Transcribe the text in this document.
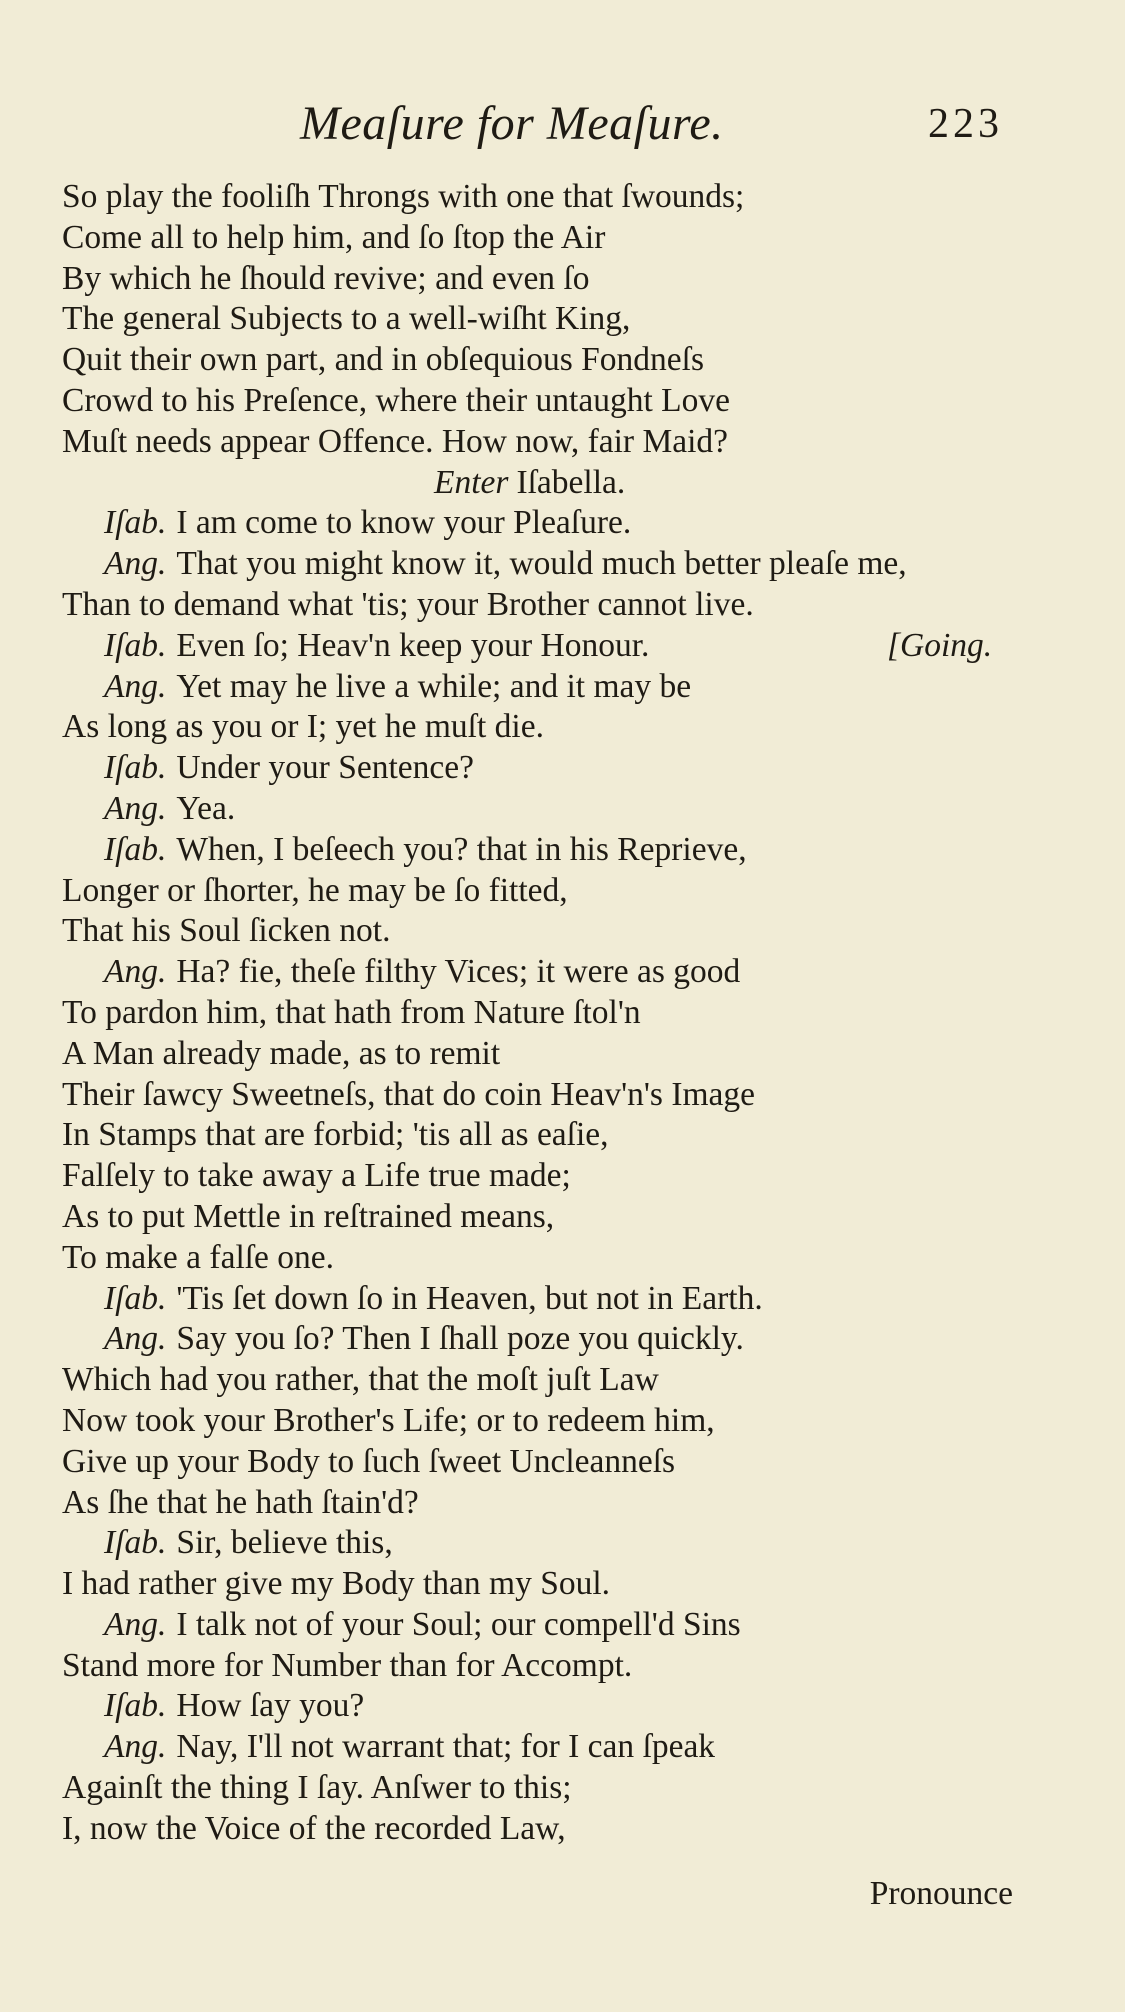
Meaſure for Meaſure.	223
So play the fooliſh Throngs with one that ſwounds;
Come all to help him, and ſo ſtop the Air
By which he ſhould revive; and even ſo
The general Subjects to a well-wiſht King,
Quit their own part, and in obſequious Fondneſs
Crowd to his Preſence, where their untaught Love
Muſt needs appear Offence. How now, fair Maid?
Enter Iſabella.
Iſab. I am come to know your Pleaſure.
Ang. That you might know it, would much better pleaſe me,
Than to demand what 'tis; your Brother cannot live.
Iſab. Even ſo; Heav'n keep your Honour.	[Going.
Ang. Yet may he live a while; and it may be
As long as you or I; yet he muſt die.
Iſab. Under your Sentence?
Ang. Yea.
Iſab. When, I beſeech you? that in his Reprieve,
Longer or ſhorter, he may be ſo fitted,
That his Soul ſicken not.
Ang. Ha? fie, theſe filthy Vices; it were as good
To pardon him, that hath from Nature ſtol'n
A Man already made, as to remit
Their ſawcy Sweetneſs, that do coin Heav'n's Image
In Stamps that are forbid; 'tis all as eaſie,
Falſely to take away a Life true made;
As to put Mettle in reſtrained means,
To make a falſe one.
Iſab. 'Tis ſet down ſo in Heaven, but not in Earth.
Ang. Say you ſo? Then I ſhall poze you quickly.
Which had you rather, that the moſt juſt Law
Now took your Brother's Life; or to redeem him,
Give up your Body to ſuch ſweet Uncleanneſs
As ſhe that he hath ſtain'd?
Iſab. Sir, believe this,
I had rather give my Body than my Soul.
Ang. I talk not of your Soul; our compell'd Sins
Stand more for Number than for Accompt.
Iſab. How ſay you?
Ang. Nay, I'll not warrant that; for I can ſpeak
Againſt the thing I ſay. Anſwer to this;
I, now the Voice of the recorded Law,
Pronounce
